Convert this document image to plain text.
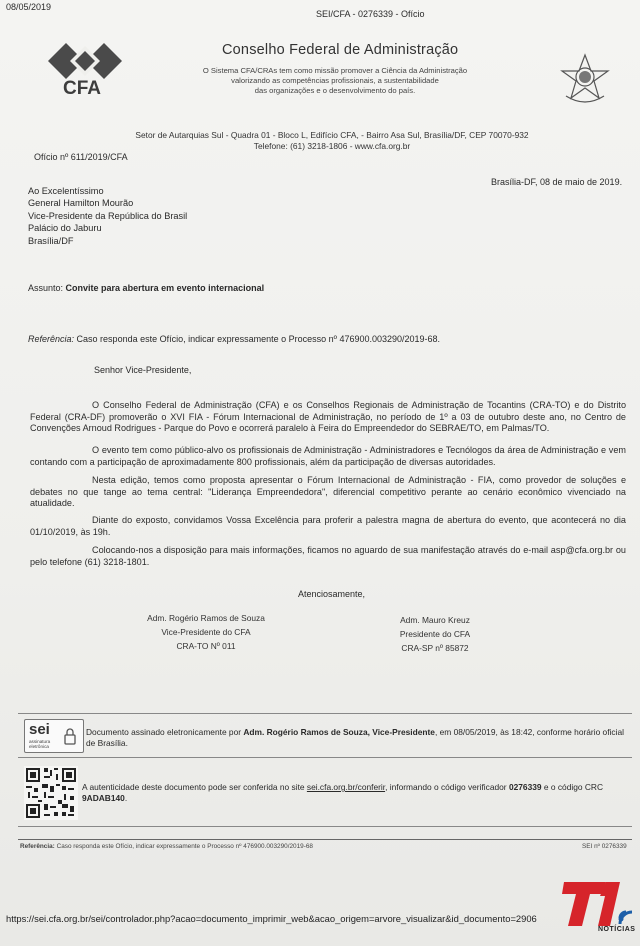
08/05/2019
SEI/CFA - 0276339 - Ofício
CFA
Conselho Federal de Administração
O Sistema CFA/CRAs tem como missão promover a Ciência da Administração
valorizando as competências profissionais, a sustentabilidade
das organizações e o desenvolvimento do país.
Setor de Autarquias Sul - Quadra 01 - Bloco L, Edifício CFA, - Bairro Asa Sul, Brasília/DF, CEP 70070-932
Telefone: (61) 3218-1806 - www.cfa.org.br
Ofício nº 611/2019/CFA
Brasília-DF, 08 de maio de 2019.
Ao Excelentíssimo
General Hamilton Mourão
Vice-Presidente da República do Brasil
Palácio do Jaburu
Brasília/DF
Assunto: Convite para abertura em evento internacional
Referência: Caso responda este Ofício, indicar expressamente o Processo nº 476900.003290/2019-68.
Senhor Vice-Presidente,
O Conselho Federal de Administração (CFA) e os Conselhos Regionais de Administração de Tocantins (CRA-TO) e do Distrito Federal (CRA-DF) promoverão o XVI FIA - Fórum Internacional de Administração, no período de 1º a 03 de outubro deste ano, no Centro de Convenções Arnoud Rodrigues - Parque do Povo e ocorrerá paralelo à Feira do Empreendedor do SEBRAE/TO, em Palmas/TO.
O evento tem como público-alvo os profissionais de Administração - Administradores e Tecnólogos da área de Administração e vem contando com a participação de aproximadamente 800 profissionais, além da participação de diversas autoridades.
Nesta edição, temos como proposta apresentar o Fórum Internacional de Administração - FIA, como provedor de soluções e debates no que tange ao tema central: "Liderança Empreendedora", diferencial competitivo perante ao cenário econômico vivenciado na atualidade.
Diante do exposto, convidamos Vossa Excelência para proferir a palestra magna de abertura do evento, que acontecerá no dia 01/10/2019, às 19h.
Colocando-nos a disposição para mais informações, ficamos no aguardo de sua manifestação através do e-mail asp@cfa.org.br ou pelo telefone (61) 3218-1801.
Atenciosamente,
Adm. Rogério Ramos de Souza
Vice-Presidente do CFA
CRA-TO Nº 011
Adm. Mauro Kreuz
Presidente do CFA
CRA-SP nº 85872
sei
assinatura eletrônica
Documento assinado eletronicamente por Adm. Rogério Ramos de Souza, Vice-Presidente, em 08/05/2019, às 18:42, conforme horário oficial de Brasília.
A autenticidade deste documento pode ser conferida no site sei.cfa.org.br/conferir, informando o código verificador 0276339 e o código CRC 9ADAB140.
Referência: Caso responda este Ofício, indicar expressamente o Processo nº 476900.003290/2019-68	SEI nº 0276339
https://sei.cfa.org.br/sei/controlador.php?acao=documento_imprimir_web&acao_origem=arvore_visualizar&id_documento=2906
NOTÍCIAS
